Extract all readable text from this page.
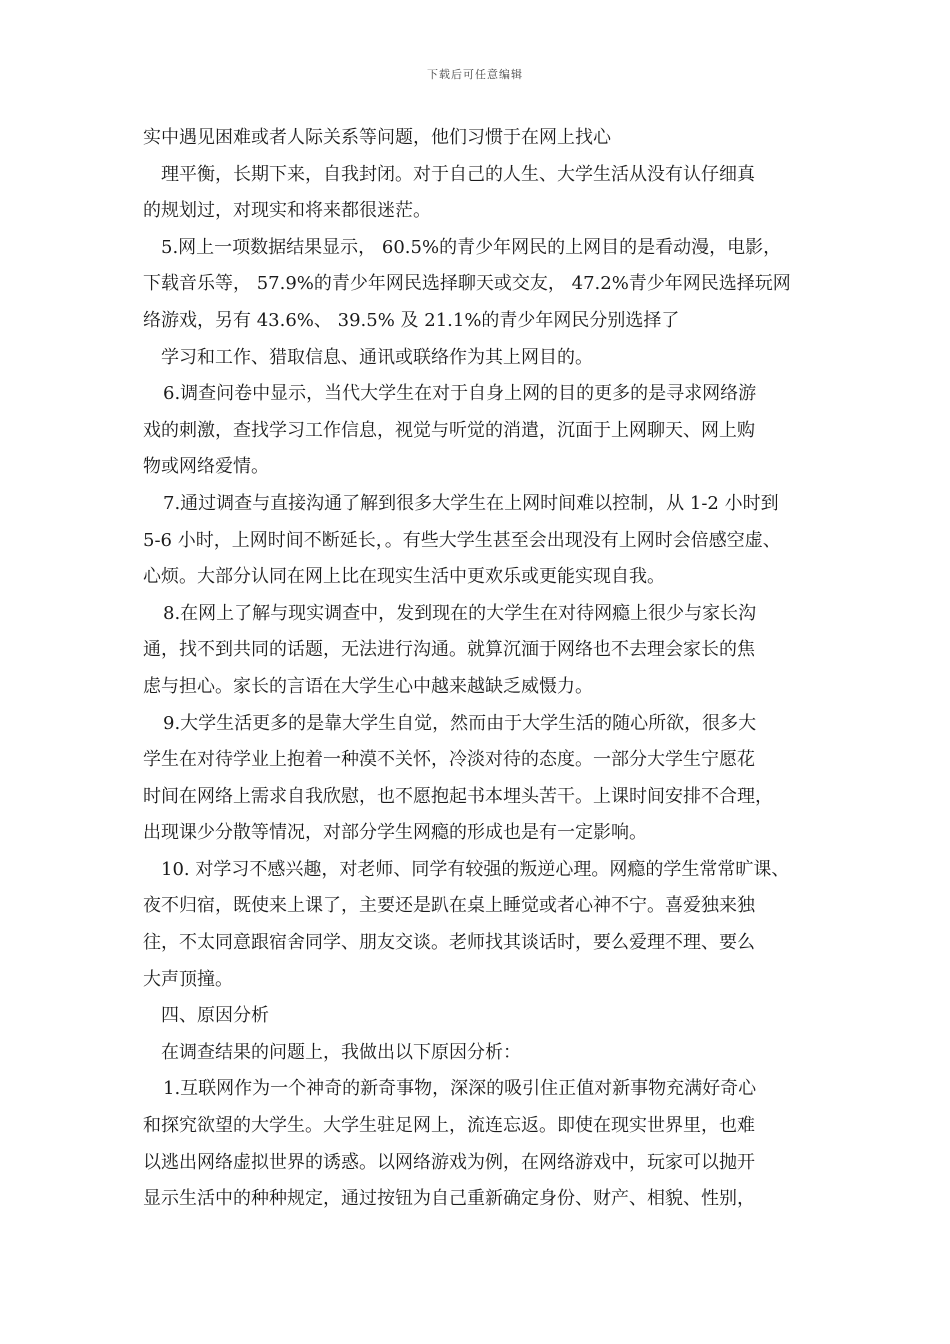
下载后可任意编辑
实中遇见困难或者人际关系等问题，他们习惯于在网上找心
理平衡，长期下来，自我封闭。对于自己的人生、大学生活从没有认仔细真
的规划过，对现实和将来都很迷茫。
5.网上一项数据结果显示， 60.5%的青少年网民的上网目的是看动漫，电影，
下载音乐等， 57.9%的青少年网民选择聊天或交友， 47.2%青少年网民选择玩网
络游戏，另有 43.6%、 39.5% 及 21.1%的青少年网民分别选择了
学习和工作、猎取信息、通讯或联络作为其上网目的。
6.调查问卷中显示，当代大学生在对于自身上网的目的更多的是寻求网络游
戏的刺激，查找学习工作信息，视觉与听觉的消遣，沉面于上网聊天、网上购
物或网络爱情。
7.通过调查与直接沟通了解到很多大学生在上网时间难以控制，从 1-2 小时到
5-6 小时，上网时间不断延长，。有些大学生甚至会出现没有上网时会倍感空虚、
心烦。大部分认同在网上比在现实生活中更欢乐或更能实现自我。
8.在网上了解与现实调查中，发到现在的大学生在对待网瘾上很少与家长沟
通，找不到共同的话题，无法进行沟通。就算沉湎于网络也不去理会家长的焦
虑与担心。家长的言语在大学生心中越来越缺乏威慑力。
9.大学生活更多的是靠大学生自觉，然而由于大学生活的随心所欲，很多大
学生在对待学业上抱着一种漠不关怀，冷淡对待的态度。一部分大学生宁愿花
时间在网络上需求自我欣慰，也不愿抱起书本埋头苦干。上课时间安排不合理，
出现课少分散等情况，对部分学生网瘾的形成也是有一定影响。
10. 对学习不感兴趣，对老师、同学有较强的叛逆心理。网瘾的学生常常旷课、
夜不归宿，既使来上课了，主要还是趴在桌上睡觉或者心神不宁。喜爱独来独
往，不太同意跟宿舍同学、朋友交谈。老师找其谈话时，要么爱理不理、要么
大声顶撞。
四、原因分析
在调查结果的问题上，我做出以下原因分析：
1.互联网作为一个神奇的新奇事物，深深的吸引住正值对新事物充满好奇心
和探究欲望的大学生。大学生驻足网上，流连忘返。即使在现实世界里，也难
以逃出网络虚拟世界的诱惑。以网络游戏为例，在网络游戏中，玩家可以抛开
显示生活中的种种规定，通过按钮为自己重新确定身份、财产、相貌、性别，
